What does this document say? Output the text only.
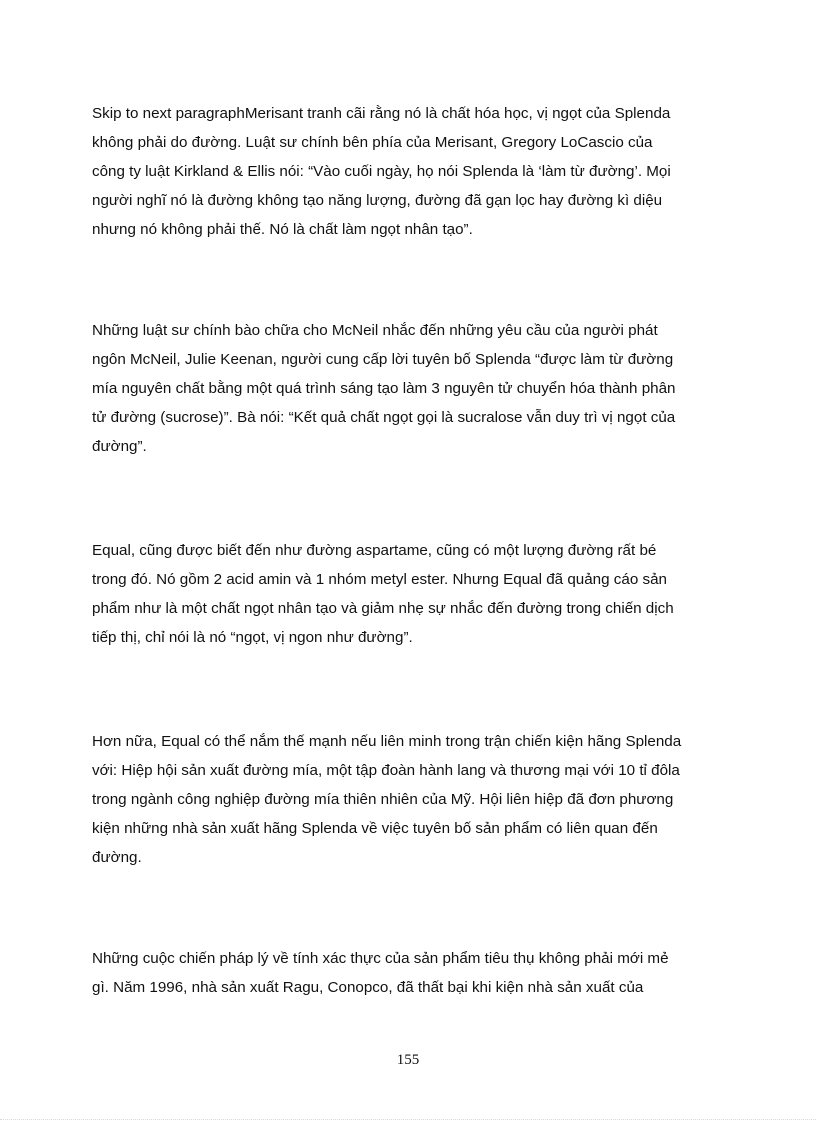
Skip to next paragraphMerisant tranh cãi rằng nó là chất hóa học, vị ngọt của Splenda
không phải do đường. Luật sư chính bên phía của Merisant, Gregory LoCascio của
công ty luật Kirkland & Ellis nói: “Vào cuối ngày, họ nói Splenda là ‘làm từ đường’. Mọi
người nghĩ nó là đường không tạo năng lượng, đường đã gạn lọc hay đường kì diệu
nhưng nó không phải thế. Nó là chất làm ngọt nhân tạo”.
Những luật sư chính bào chữa cho McNeil nhắc đến những yêu cầu của người phát
ngôn McNeil, Julie Keenan, người cung cấp lời tuyên bố Splenda “được làm từ đường
mía nguyên chất bằng một quá trình sáng tạo làm 3 nguyên tử chuyển hóa thành phân
tử đường (sucrose)”. Bà nói: “Kết quả chất ngọt gọi là sucralose vẫn duy trì vị ngọt của
đường”.
Equal, cũng được biết đến như đường aspartame, cũng có một lượng đường rất bé
trong đó. Nó gồm 2 acid amin và 1 nhóm metyl ester. Nhưng Equal đã quảng cáo sản
phẩm như là một chất ngọt nhân tạo và giảm nhẹ sự nhắc đến đường trong chiến dịch
tiếp thị, chỉ nói là nó “ngọt, vị ngon như đường”.
Hơn nữa, Equal có thể nắm thế mạnh nếu liên minh trong trận chiến kiện hãng Splenda
với: Hiệp hội sản xuất đường mía, một tập đoàn hành lang và thương mại với 10 tỉ đôla
trong ngành công nghiệp đường mía thiên nhiên của Mỹ. Hội liên hiệp đã đơn phương
kiện những nhà sản xuất hãng Splenda về việc tuyên bố sản phẩm có liên quan đến
đường.
Những cuộc chiến pháp lý về tính xác thực của sản phẩm tiêu thụ không phải mới mẻ
gì. Năm 1996, nhà sản xuất Ragu, Conopco, đã thất bại khi kiện nhà sản xuất của
155
